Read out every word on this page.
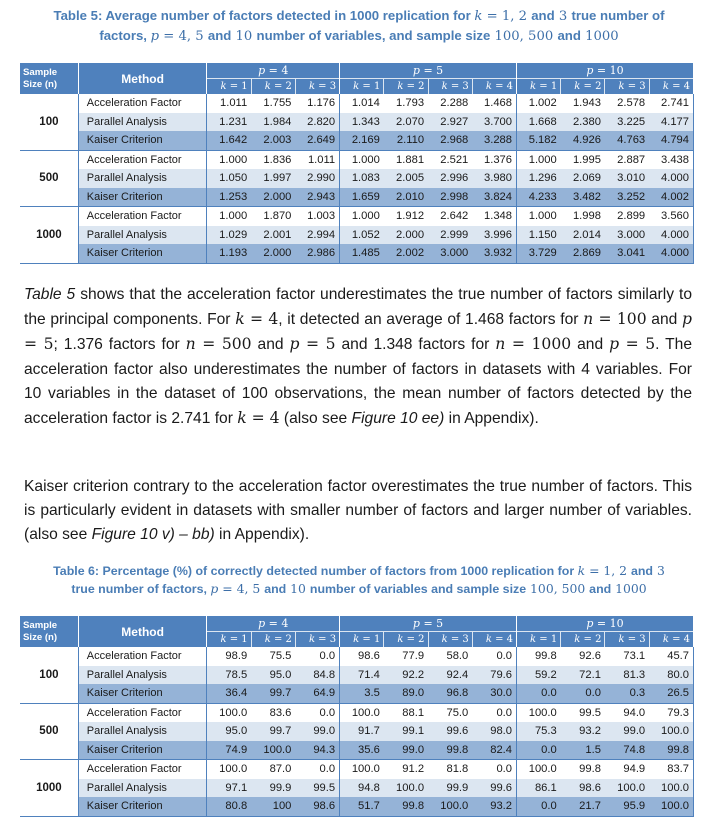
Table 5: Average number of factors detected in 1000 replication for k = 1, 2 and 3 true number of
factors, p = 4, 5 and 10 number of variables, and sample size 100, 500 and 1000
Sample
Size (n)	Method	p = 4			p = 5				p = 10			
		k = 1	k = 2	k = 3	k = 1	k = 2	k = 3	k = 4	k = 1	k = 2	k = 3	k = 4
100	Acceleration Factor	1.011	1.755	1.176	1.014	1.793	2.288	1.468	1.002	1.943	2.578	2.741
	Parallel Analysis	1.231	1.984	2.820	1.343	2.070	2.927	3.700	1.668	2.380	3.225	4.177
	Kaiser Criterion	1.642	2.003	2.649	2.169	2.110	2.968	3.288	5.182	4.926	4.763	4.794
500	Acceleration Factor	1.000	1.836	1.011	1.000	1.881	2.521	1.376	1.000	1.995	2.887	3.438
	Parallel Analysis	1.050	1.997	2.990	1.083	2.005	2.996	3.980	1.296	2.069	3.010	4.000
	Kaiser Criterion	1.253	2.000	2.943	1.659	2.010	2.998	3.824	4.233	3.482	3.252	4.002
1000	Acceleration Factor	1.000	1.870	1.003	1.000	1.912	2.642	1.348	1.000	1.998	2.899	3.560
	Parallel Analysis	1.029	2.001	2.994	1.052	2.000	2.999	3.996	1.150	2.014	3.000	4.000
	Kaiser Criterion	1.193	2.000	2.986	1.485	2.002	3.000	3.932	3.729	2.869	3.041	4.000
Table 5 shows that the acceleration factor underestimates the true number of factors similarly to the principal components. For k = 4, it detected an average of 1.468 factors for n = 100 and p = 5; 1.376 factors for n = 500 and p = 5 and 1.348 factors for n = 1000 and p = 5. The acceleration factor also underestimates the number of factors in datasets with 4 variables. For 10 variables in the dataset of 100 observations, the mean number of factors detected by the acceleration factor is 2.741 for k = 4 (also see Figure 10 ee) in Appendix).
Kaiser criterion contrary to the acceleration factor overestimates the true number of factors. This is particularly evident in datasets with smaller number of factors and larger number of variables. (also see Figure 10 v) – bb) in Appendix).
Table 6: Percentage (%) of correctly detected number of factors from 1000 replication for k = 1, 2 and 3
true number of factors, p = 4, 5 and 10 number of variables and sample size 100, 500 and 1000
Sample
Size (n)	Method	p = 4			p = 5				p = 10			
		k = 1	k = 2	k = 3	k = 1	k = 2	k = 3	k = 4	k = 1	k = 2	k = 3	k = 4
100	Acceleration Factor	98.9	75.5	0.0	98.6	77.9	58.0	0.0	99.8	92.6	73.1	45.7
	Parallel Analysis	78.5	95.0	84.8	71.4	92.2	92.4	79.6	59.2	72.1	81.3	80.0
	Kaiser Criterion	36.4	99.7	64.9	3.5	89.0	96.8	30.0	0.0	0.0	0.3	26.5
500	Acceleration Factor	100.0	83.6	0.0	100.0	88.1	75.0	0.0	100.0	99.5	94.0	79.3
	Parallel Analysis	95.0	99.7	99.0	91.7	99.1	99.6	98.0	75.3	93.2	99.0	100.0
	Kaiser Criterion	74.9	100.0	94.3	35.6	99.0	99.8	82.4	0.0	1.5	74.8	99.8
1000	Acceleration Factor	100.0	87.0	0.0	100.0	91.2	81.8	0.0	100.0	99.8	94.9	83.7
	Parallel Analysis	97.1	99.9	99.5	94.8	100.0	99.9	99.6	86.1	98.6	100.0	100.0
	Kaiser Criterion	80.8	100	98.6	51.7	99.8	100.0	93.2	0.0	21.7	95.9	100.0
